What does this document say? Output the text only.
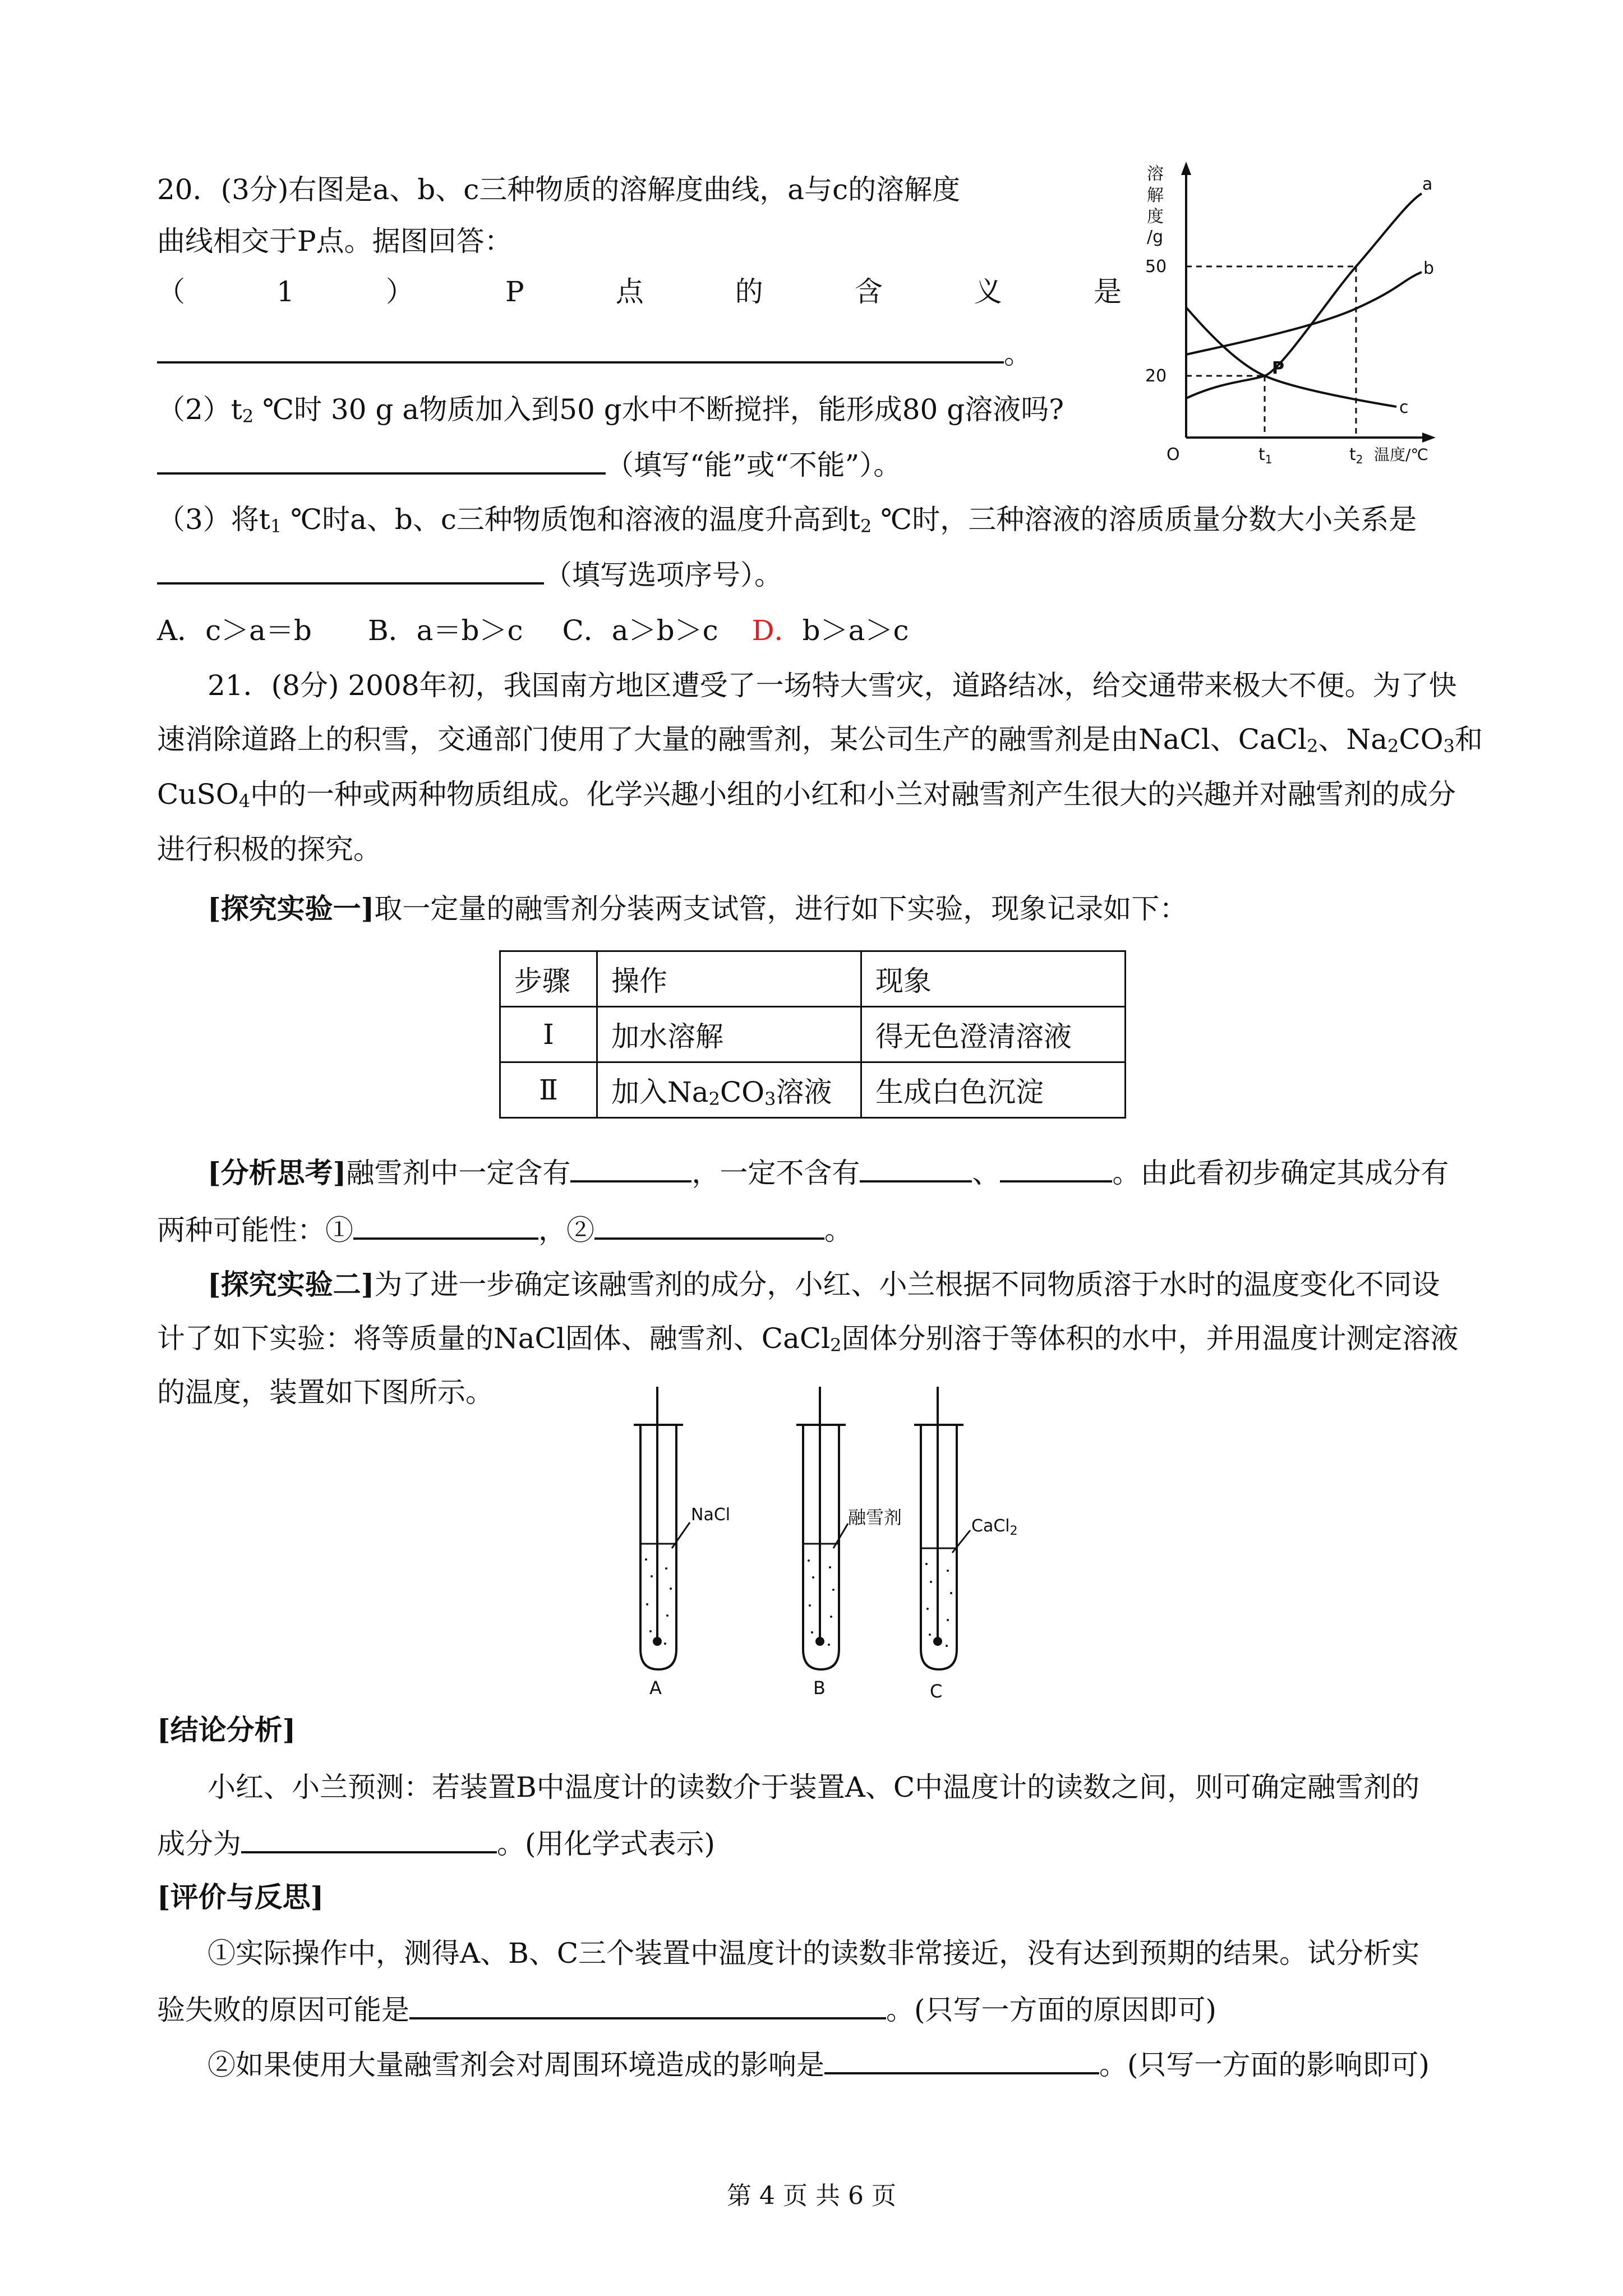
20．(3分)右图是a、b、c三种物质的溶解度曲线，a与c的溶解度
曲线相交于P点。据图回答：
（	1	）	P	点	的	含	义	是
。
$(2)t_2$ ℃时 30 g a物质加入到50 g水中不断搅拌，能形成80 g溶液吗?
（填写“能”或“不能”）。
（3）将$t_1$ ℃时a、b、c三种物质饱和溶液的温度升高到$t_2$ ℃时，三种溶液的溶质质量分数大小关系是
（填写选项序号）。
A．c＞a＝b B．a＝b＞c C．a＞b＞c D．b＞a＞c
溶
解
度
/g
a
b
c
P
50
20
O	$t_1$	$t_2$ 温度/℃
21．(8分) 2008年初，我国南方地区遭受了一场特大雪灾，道路结冰，给交通带来极大不便。为了快
速消除道路上的积雪，交通部门使用了大量的融雪剂，某公司生产的融雪剂是由NaCl、CaCl$_2$、$Na_2CO_3$和
CuSO$_4$中的一种或两种物质组成。化学兴趣小组的小红和小兰对融雪剂产生很大的兴趣并对融雪剂的成分
进行积极的探究。
[探究实验一]取一定量的融雪剂分装两支试管，进行如下实验，现象记录如下：
步骤	操作	现象
Ⅰ	加水溶解	得无色澄清溶液
Ⅱ	加入$Na_2CO_3$溶液	生成白色沉淀
[分析思考]融雪剂中一定含有	，一定不含有	、	。由此看初步确定其成分有
两种可能性：①	，②	。
[探究实验二]为了进一步确定该融雪剂的成分，小红、小兰根据不同物质溶于水时的温度变化不同设
计了如下实验：将等质量的NaCl固体、融雪剂、CaCl$_2$固体分别溶于等体积的水中，并用温度计测定溶液
的温度，装置如下图所示。
NaCl
A
融雪剂
B
CaCl$_2$
C
[结论分析]
小红、小兰预测：若装置B中温度计的读数介于装置A、C中温度计的读数之间，则可确定融雪剂的
成分为	。(用化学式表示)
[评价与反思]
①实际操作中，测得A、B、C三个装置中温度计的读数非常接近，没有达到预期的结果。试分析实
验失败的原因可能是	。(只写一方面的原因即可)
②如果使用大量融雪剂会对周围环境造成的影响是	。(只写一方面的影响即可)
第 4 页 共 6 页
